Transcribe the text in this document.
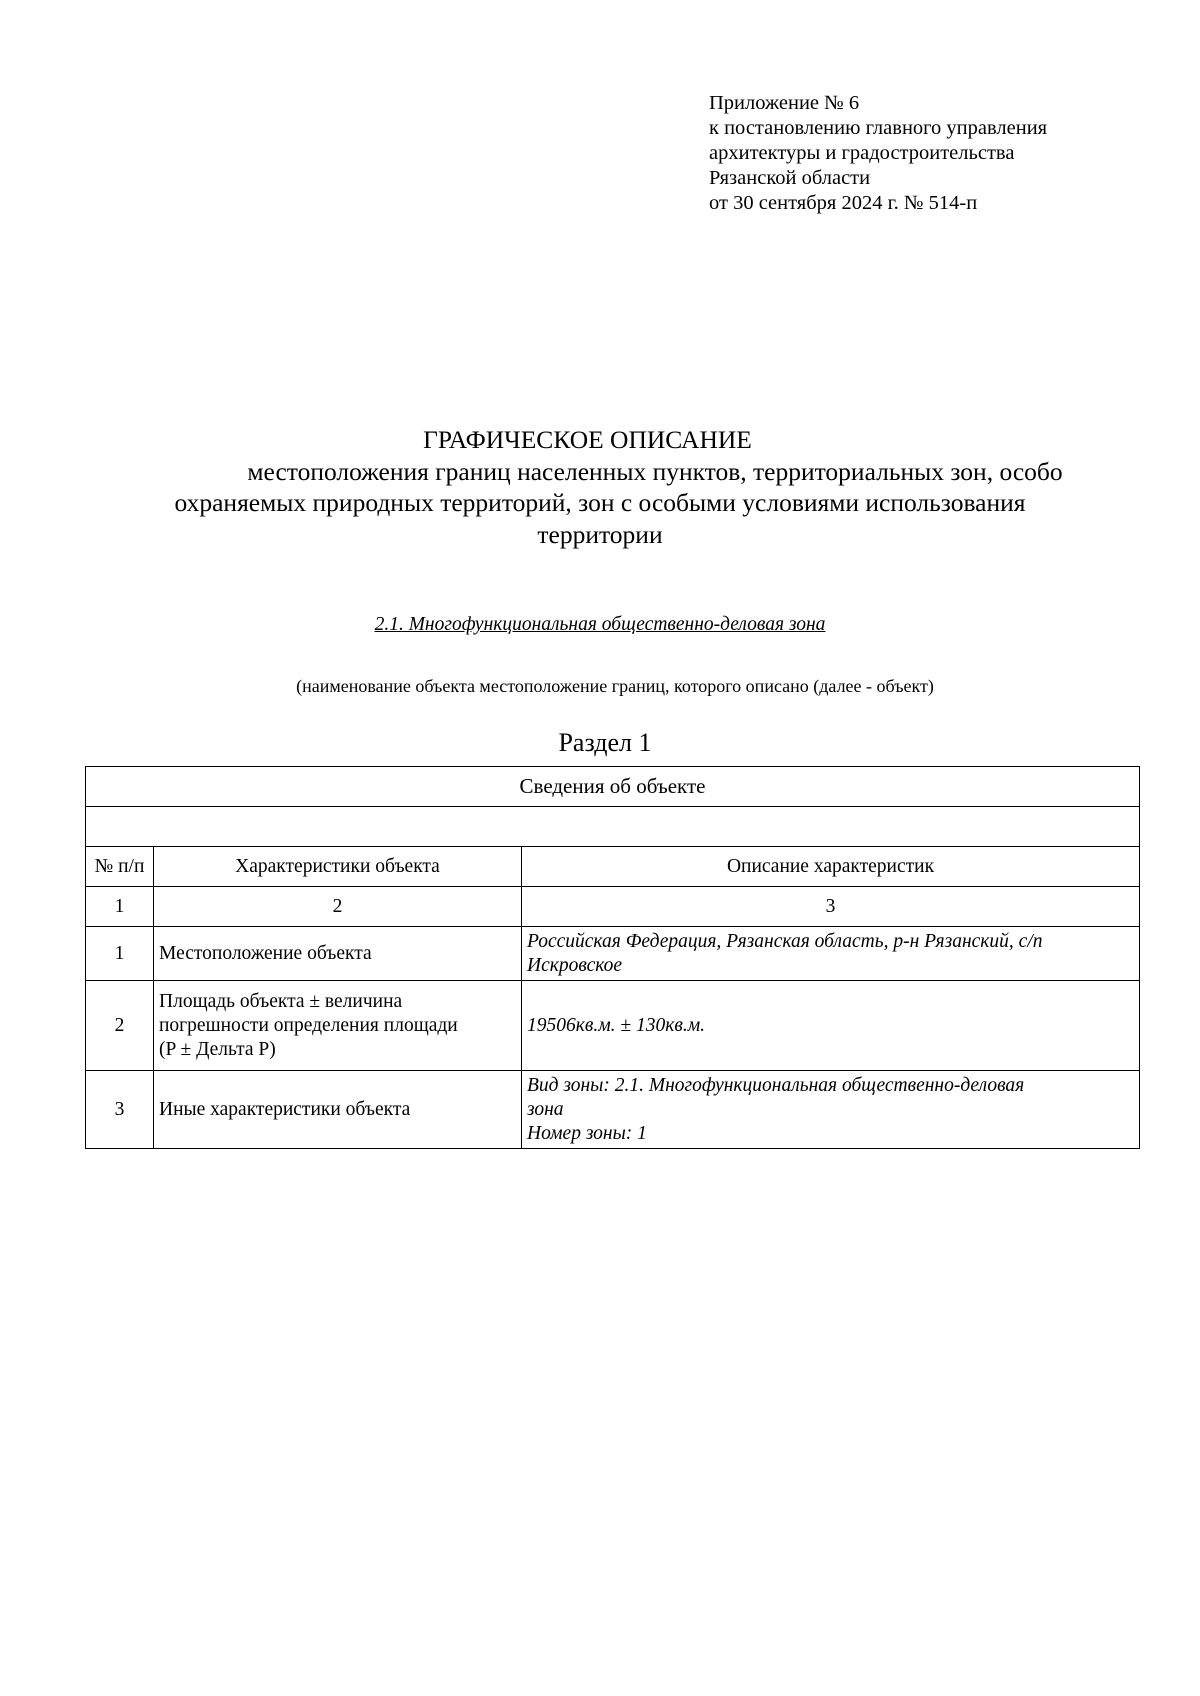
Приложение № 6
к постановлению главного управления
архитектуры и градостроительства
Рязанской области
от 30 сентября 2024 г. № 514-п
ГРАФИЧЕСКОЕ ОПИСАНИЕ
местоположения границ населенных пунктов, территориальных зон, особо
охраняемых природных территорий, зон с особыми условиями использования
территории
2.1. Многофункциональная общественно-деловая зона
(наименование объекта местоположение границ, которого описано (далее - объект)
Раздел 1
Сведения об объекте		

№ п/п	Характеристики объекта	Описание характеристик
1	2	3
1	Местоположение объекта	Российская Федерация, Рязанская область, р-н Рязанский, с/п
Искровское

2	Площадь объекта ± величина
погрешности определения площади
(P ± Дельта P)	19506кв.м. ± 130кв.м.

3	Иные характеристики объекта	Вид зоны: 2.1. Многофункциональная общественно-деловая
зона
Номер зоны: 1
